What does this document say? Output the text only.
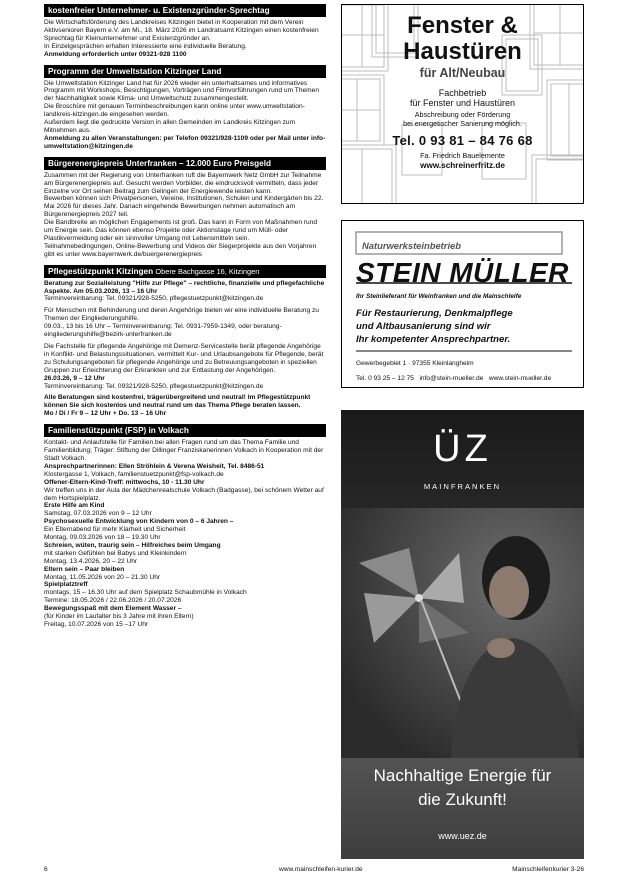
kostenfreier Unternehmer- u. Existenzgründer-Sprechtag

Die Wirtschaftsförderung des Landkreises Kitzingen bietet in Kooperation mit dem Verein Aktivsenioren Bayern e.V. am Mi., 18. März 2026 im Landratsamt Kitzingen einen kostenfreien Sprechtag für Kleinunternehmer und Existenzgründer an.

In Einzelgesprächen erhalten Interessierte eine individuelle Beratung.

Anmeldung erforderlich unter 09321-928 1100

Programm der Umweltstation Kitzinger Land

Die Umweltstation Kitzinger Land hat für 2026 wieder ein unterhaltsames und informatives Programm mit Workshops, Besichtigungen, Vorträgen und Filmvorführungen rund um Themen der Nachhaltigkeit sowie Klima- und Umweltschutz zusammengestellt.

Die Broschüre mit genauen Terminbeschreibungen kann online unter www.umweltstation-landkreis-kitzingen.de eingesehen werden.

Außerdem liegt die gedruckte Version in allen Gemeinden im Landkreis Kitzingen zum Mitnehmen aus.

Anmeldung zu allen Veranstaltungen: per Telefon 09321/928-1109 oder per Mail unter info-umweltstation@kitzingen.de

Bürgerenergiepreis Unterfranken – 12.000 Euro Preisgeld

Zusammen mit der Regierung von Unterfranken ruft die Bayernwerk Netz GmbH zur Teilnahme am Bürgerenergiepreis auf. Gesucht werden Vorbilder, die eindrucksvoll vermitteln, dass jeder Einzelne vor Ort seinen Beitrag zum Gelingen der Energiewende leisten kann.

Bewerben können sich Privatpersonen, Vereine, Institutionen, Schulen und Kindergärten bis 22. Mai 2026 für dieses Jahr. Danach eingehende Bewerbungen nehmen automatisch am Bürgerenergiepreis 2027 teil.

Die Bandbreite an möglichen Engagements ist groß. Das kann in Form von Maßnahmen rund um Energie sein. Das können ebenso Projekte oder Aktionstage rund um Müll- oder Plastikvermeidung oder ein sinnvoller Umgang mit Lebensmitteln sein.

Teilnahmebedingungen, Online-Bewerbung und Videos der Siegerprojekte aus den Vorjahren gibt es unter www.bayernwerk.de/buergerenergiepreis

Pflegestützpunkt Kitzingen Obere Bachgasse 16, Kitzingen

Beratung zur Sozialleistung "Hilfe zur Pflege" – rechtliche, finanzielle und pflegefachliche Aspekte. Am 05.03.2026, 13 – 16 Uhr

Terminvereinbarung: Tel. 09321/928-5250, pflegestuetzpunkt@kitzingen.de

Für Menschen mit Behinderung und deren Angehörige bieten wir eine individuelle Beratung zu Themen der Eingliederungshilfe.

09.03., 13 bis 16 Uhr – Terminvereinbarung: Tel. 0931-7959-1349, oder beratung-eingliederungshilfe@bezirk-unterfranken.de

Die Fachstelle für pflegende Angehörige mit Demenz-Servicestelle berät pflegende Angehörige in Konflikt- und Belastungssituationen, vermittelt Kur- und Urlaubsangebote für Pflegende, berät zu Schulungsangeboten für pflegende Angehörige und zu Betreuungsangeboten in speziellen Gruppen zur Erleichterung der Erkrankten und zur Entlastung der Angehörigen.

26.03.26, 9 – 12 Uhr

Terminvereinbarung: Tel. 09321/928-5250, pflegestuetzpunkt@kitzingen.de

Alle Beratungen sind kostenfrei, trägerübergreifend und neutral! Im Pflegestützpunkt können Sie sich kostenlos und neutral rund um das Thema Pflege beraten lassen.

Mo / Di / Fr 9 – 12 Uhr + Do. 13 – 16 Uhr

Familienstützpunkt (FSP) in Volkach

Kontakt- und Anlaufstelle für Familien bei allen Fragen rund um das Thema Familie und Familienbildung; Träger: Stiftung der Dillinger Franziskanerinnen Volkach in Kooperation mit der Stadt Volkach.

Ansprechpartnerinnen: Ellen Ströhlein & Verena Weisheit, Tel. 8486-51

Klostergasse 1, Volkach, familienstuetzpunkt@fsp-volkach.de

Offener-Eltern-Kind-Treff: mittwochs, 10 - 11.30 Uhr

Wir treffen uns in der Aula der Mädchenrealschule Volkach (Badgasse), bei schönem Wetter auf dem Hortspielplatz.

Erste Hilfe am Kind

Samstag, 07.03.2026 von 9 – 12 Uhr

Psychosexuelle Entwicklung von Kindern von 0 – 6 Jahren –

Ein Elternabend für mehr Klarheit und Sicherheit

Montag, 09.03.2026 von 18 – 19.30 Uhr

Schreien, wüten, traurig sein – Hilfreiches beim Umgang

mit starken Gefühlen bei Babys und Kleinkindern

Montag, 13.4.2026, 20 – 22 Uhr

Eltern sein – Paar bleiben

Montag, 11.05.2026 von 20 – 21.30 Uhr

Spielplatztreff

montags, 15 – 16.30 Uhr auf dem Spielplatz Schaubmühle in Volkach

Termine: 18.05.2026 / 22.06.2026 / 20.07.2026

Bewegungsspaß mit dem Element Wasser –

(für Kinder im Laufalter bis 3 Jahre mit ihren Eltern)

Freitag, 10.07.2026 von 15 –17 Uhr

Fenster &
Haustüren
für Alt/Neubau
Fachbetrieb
für Fenster und Haustüren
Abschreibung oder Förderung
bei energetischer Sanierung möglich.
Tel. 0 93 81 – 84 76 68
Fa. Friedrich Bauelemente
www.schreinerfritz.de
Naturwerksteinbetrieb
STEIN MÜLLER
Ihr Steinlieferant für Weinfranken und die Mainschleife
Für Restaurierung, Denkmalpflege
und Altbausanierung sind wir
Ihr kompetenter Ansprechpartner.
Gewerbegebiet 1 · 97355 Kleinlangheim
Tel. 0 93 25 – 12 75 info@stein-mueller.de www.stein-mueller.de
ÜZ
MAINFRANKEN
Nachhaltige Energie für
die Zukunft!
www.uez.de
6	www.mainschleifen-kurier.de	Mainschleifenkurier 3-26
